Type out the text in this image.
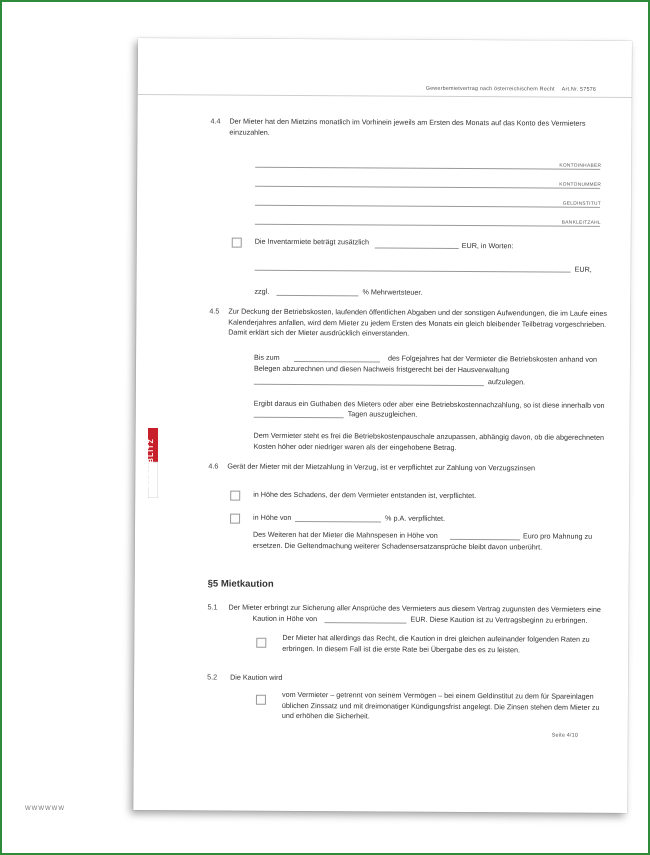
WWWWWW
Gewerbemietvertrag nach österreichischem Recht Art.Nr. 57576
4.4 Der Mieter hat den Mietzins monatlich im Vorhinein jeweils am Ersten des Monats auf das Konto des Vermieters einzuzahlen.
KONTOINHABER
KONTONUMMER
GELDINSTITUT
BANKLEITZAHL
Die Inventarmiete beträgt zusätzlich	EUR, in Worten:
EUR,
zzgl.	% Mehrwertsteuer.
4.5 Zur Deckung der Betriebskosten, laufenden öffentlichen Abgaben und der sonstigen Aufwendungen, die im Laufe eines Kalenderjahres anfallen, wird dem Mieter zu jedem Ersten des Monats ein gleich bleibender Teilbetrag vorgeschrieben. Damit erklärt sich der Mieter ausdrücklich einverstanden.
Bis zum	des Folgejahres hat der Vermieter die Betriebskosten anhand von Belegen abzurechnen und diesen Nachweis fristgerecht bei der Hausverwaltung
aufzulegen.
Ergibt daraus ein Guthaben des Mieters oder aber eine Betriebskostennachzahlung, so ist diese innerhalb von
Tagen auszugleichen.
Dem Vermieter steht es frei die Betriebskostenpauschale anzupassen, abhängig davon, ob die abgerechneten Kosten höher oder niedriger waren als der eingehobene Betrag.
4.6 Gerät der Mieter mit der Mietzahlung in Verzug, ist er verpflichtet zur Zahlung von Verzugszinsen
in Höhe des Schadens, der dem Vermieter entstanden ist, verpflichtet.
in Höhe von	% p.A. verpflichtet.
Des Weiteren hat der Mieter die Mahnspesen in Höhe von	Euro pro Mahnung zu
ersetzen. Die Geltendmachung weiterer Schadensersatzansprüche bleibt davon unberührt.
§5 Mietkaution
5.1 Der Mieter erbringt zur Sicherung aller Ansprüche des Vermieters aus diesem Vertrag zugunsten des Vermieters eine
Kaution in Höhe von	EUR. Diese Kaution ist zu Vertragsbeginn zu erbringen.
Der Mieter hat allerdings das Recht, die Kaution in drei gleichen aufeinander folgenden Raten zu erbringen. In diesem Fall ist die erste Rate bei Übergabe des es zu leisten.
5.2 Die Kaution wird
vom Vermieter – getrennt von seinem Vermögen – bei einem Geldinstitut zu dem für Spareinlagen üblichen Zinssatz und mit dreimonatiger Kündigungsfrist angelegt. Die Zinsen stehen dem Mieter zu und erhöhen die Sicherheit.
Seite 4/10
FORMBLITZ
